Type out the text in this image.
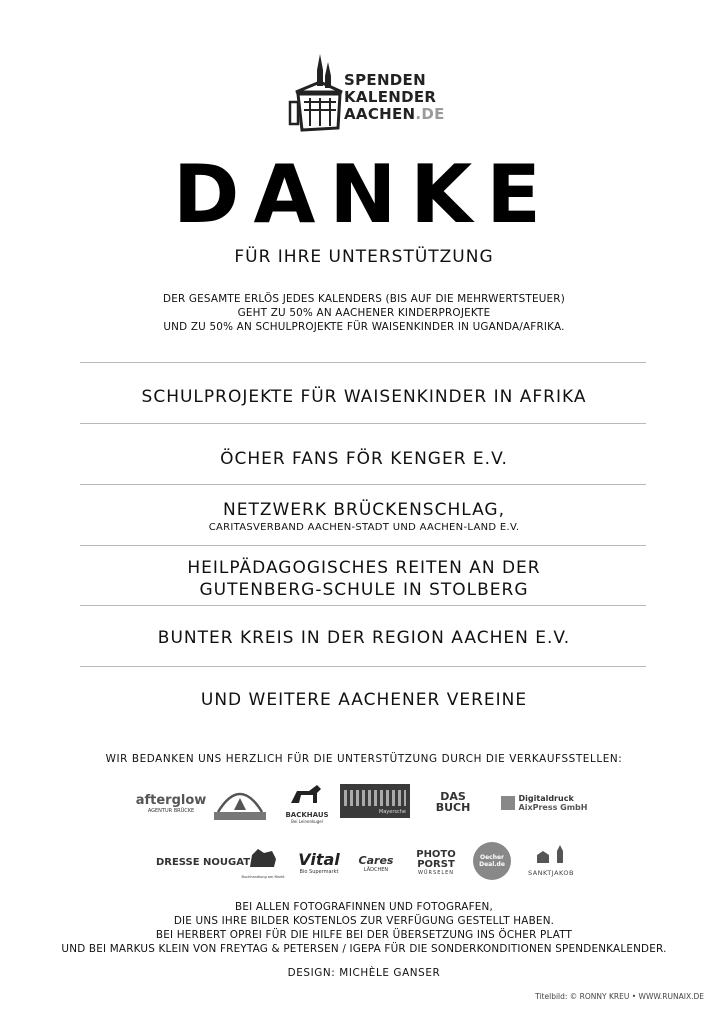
SPENDEN
KALENDER
AACHEN.DE
DANKE
FÜR IHRE UNTERSTÜTZUNG
DER GESAMTE ERLÖS JEDES KALENDERS (BIS AUF DIE MEHRWERTSTEUER)
GEHT ZU 50% AN AACHENER KINDERPROJEKTE
UND ZU 50% AN SCHULPROJEKTE FÜR WAISENKINDER IN UGANDA/AFRIKA.
SCHULPROJEKTE FÜR WAISENKINDER IN AFRIKA
ÖCHER FANS FÖR KENGER E.V.
NETZWERK BRÜCKENSCHLAG,
CARITASVERBAND AACHEN-STADT UND AACHEN-LAND E.V.
HEILPÄDAGOGISCHES REITEN AN DER
GUTENBERG-SCHULE IN STOLBERG
BUNTER KREIS IN DER REGION AACHEN E.V.
UND WEITERE AACHENER VEREINE
WIR BEDANKEN UNS HERZLICH FÜR DIE UNTERSTÜTZUNG DURCH DIE VERKAUFSSTELLEN:
afterglow
AGENTUR BRÜCKE	BACKHAUS
Bei Leinenkugel
Mayersche
DAS BUCH
Digitaldruck
AixPress GmbH
DRESSE NOUGAT
Buchhandlung am Markt
Vital
Bio Supermarkt
Cares
LÄDCHEN
PHOTO PORST
WÜRSELEN
Oecher Deal.de
SANKTJAKOB
BEI ALLEN FOTOGRAFINNEN UND FOTOGRAFEN,
DIE UNS IHRE BILDER KOSTENLOS ZUR VERFÜGUNG GESTELLT HABEN.
BEI HERBERT OPREI FÜR DIE HILFE BEI DER ÜBERSETZUNG INS ÖCHER PLATT
UND BEI MARKUS KLEIN VON FREYTAG & PETERSEN / IGEPA FÜR DIE SONDERKONDITIONEN SPENDENKALENDER.
DESIGN: MICHÈLE GANSER
Titelbild: © RONNY KREU • WWW.RUNAIX.DE
